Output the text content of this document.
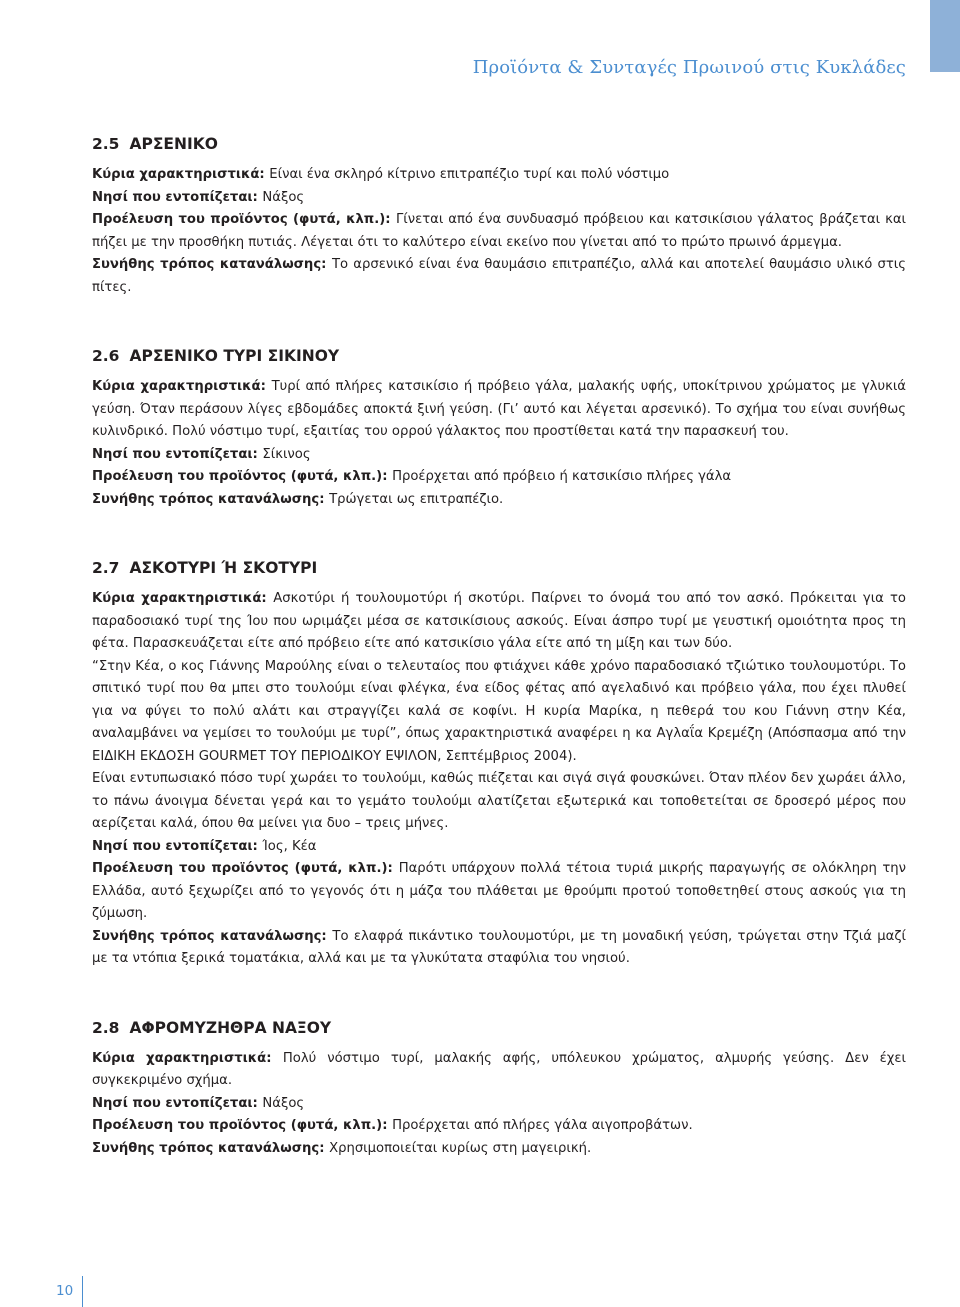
Προϊόντα & Συνταγές Πρωινού στις Κυκλάδες
2.5 ΑΡΣΕΝΙΚΟ

Κύρια χαρακτηριστικά: Είναι ένα σκληρό κίτρινο επιτραπέζιο τυρί και πολύ νόστιμο

Νησί που εντοπίζεται: Νάξος

Προέλευση του προϊόντος (φυτά, κλπ.): Γίνεται από ένα συνδυασμό πρόβειου και κατσικίσιου γάλατος βράζεται και πήζει με την προσθήκη πυτιάς. Λέγεται ότι το καλύτερο είναι εκείνο που γίνεται από το πρώτο πρωινό άρμεγμα.

Συνήθης τρόπος κατανάλωσης: Το αρσενικό είναι ένα θαυμάσιο επιτραπέζιο, αλλά και αποτελεί θαυμάσιο υλικό στις πίτες.

2.6 ΑΡΣΕΝΙΚΟ ΤΥΡΙ ΣΙΚΙΝΟΥ

Κύρια χαρακτηριστικά: Τυρί από πλήρες κατσικίσιο ή πρόβειο γάλα, μαλακής υφής, υποκίτρινου χρώματος με γλυκιά γεύση. Όταν περάσουν λίγες εβδομάδες αποκτά ξινή γεύση. (Γι’ αυτό και λέγεται αρσενικό). Το σχήμα του είναι συνήθως κυλινδρικό. Πολύ νόστιμο τυρί, εξαιτίας του ορρού γάλακτος που προστίθεται κατά την παρασκευή του.

Νησί που εντοπίζεται: Σίκινος

Προέλευση του προϊόντος (φυτά, κλπ.): Προέρχεται από πρόβειο ή κατσικίσιο πλήρες γάλα

Συνήθης τρόπος κατανάλωσης: Τρώγεται ως επιτραπέζιο.

2.7 ΑΣΚΟΤΥΡΙ Ή ΣΚΟΤΥΡΙ

Κύρια χαρακτηριστικά: Ασκοτύρι ή τουλουμοτύρι ή σκοτύρι. Παίρνει το όνομά του από τον ασκό. Πρόκειται για το παραδοσιακό τυρί της Ίου που ωριμάζει μέσα σε κατσικίσιους ασκούς. Είναι άσπρο τυρί με γευστική ομοιότητα προς τη φέτα. Παρασκευάζεται είτε από πρόβειο είτε από κατσικίσιο γάλα είτε από τη μίξη και των δύο.

“Στην Κέα, ο κος Γιάννης Μαρούλης είναι ο τελευταίος που φτιάχνει κάθε χρόνο παραδοσιακό τζιώτικο τουλουμοτύρι. Το σπιτικό τυρί που θα μπει στο τουλούμι είναι φλέγκα, ένα είδος φέτας από αγελαδινό και πρόβειο γάλα, που έχει πλυθεί για να φύγει το πολύ αλάτι και στραγγίζει καλά σε κοφίνι. Η κυρία Μαρίκα, η πεθερά του κου Γιάννη στην Κέα, αναλαμβάνει να γεμίσει το τουλούμι με τυρί”, όπως χαρακτηριστικά αναφέρει η κα Αγλαΐα Κρεμέζη (Απόσπασμα από την ΕΙΔΙΚΗ ΕΚΔΟΣΗ GOURMET ΤΟΥ ΠΕΡΙΟΔΙΚΟΥ ΕΨΙΛΟΝ, Σεπτέμβριος 2004).

Είναι εντυπωσιακό πόσο τυρί χωράει το τουλούμι, καθώς πιέζεται και σιγά σιγά φουσκώνει. Όταν πλέον δεν χωράει άλλο, το πάνω άνοιγμα δένεται γερά και το γεμάτο τουλούμι αλατίζεται εξωτερικά και τοποθετείται σε δροσερό μέρος που αερίζεται καλά, όπου θα μείνει για δυο – τρεις μήνες.

Νησί που εντοπίζεται: Ίος, Κέα

Προέλευση του προϊόντος (φυτά, κλπ.): Παρότι υπάρχουν πολλά τέτοια τυριά μικρής παραγωγής σε ολόκληρη την Ελλάδα, αυτό ξεχωρίζει από το γεγονός ότι η μάζα του πλάθεται με θρούμπι προτού τοποθετηθεί στους ασκούς για τη ζύμωση.

Συνήθης τρόπος κατανάλωσης: Το ελαφρά πικάντικο τουλουμοτύρι, με τη μοναδική γεύση, τρώγεται στην Τζιά μαζί με τα ντόπια ξερικά τοματάκια, αλλά και με τα γλυκύτατα σταφύλια του νησιού.

2.8 ΑΦΡΟΜΥΖΗΘΡΑ ΝΑΞΟΥ

Κύρια χαρακτηριστικά: Πολύ νόστιμο τυρί, μαλακής αφής, υπόλευκου χρώματος, αλμυρής γεύσης. Δεν έχει συγκεκριμένο σχήμα.

Νησί που εντοπίζεται: Νάξος

Προέλευση του προϊόντος (φυτά, κλπ.): Προέρχεται από πλήρες γάλα αιγοπροβάτων.

Συνήθης τρόπος κατανάλωσης: Χρησιμοποιείται κυρίως στη μαγειρική.

10
